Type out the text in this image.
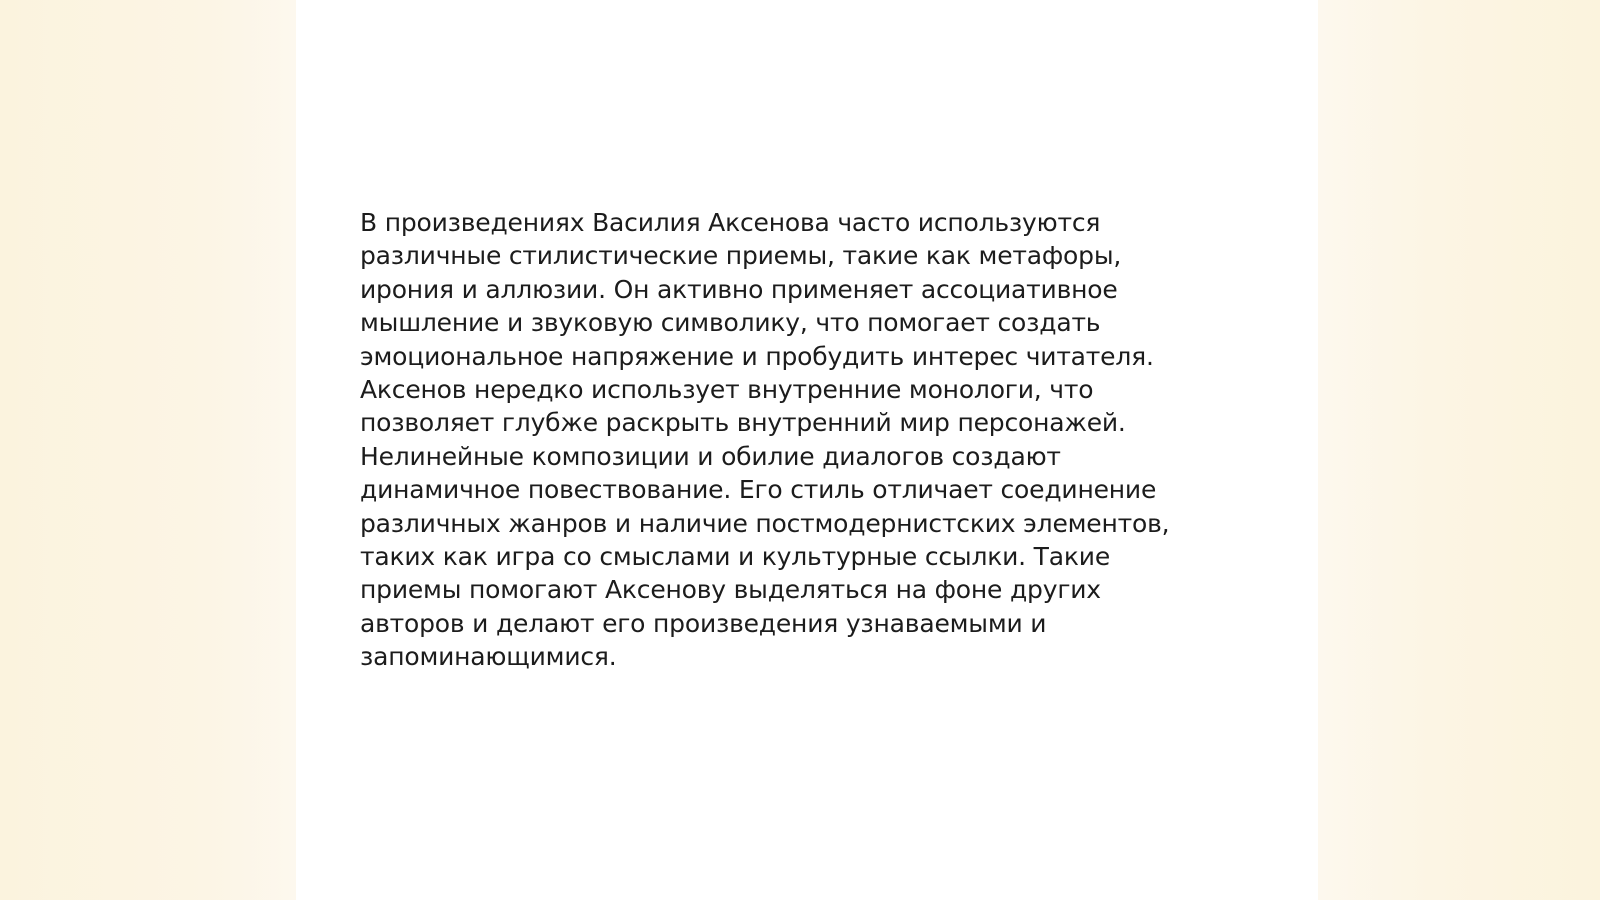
В произведениях Василия Аксенова часто используются
различные стилистические приемы, такие как метафоры,
ирония и аллюзии. Он активно применяет ассоциативное
мышление и звуковую символику, что помогает создать
эмоциональное напряжение и пробудить интерес читателя.
Аксенов нередко использует внутренние монологи, что
позволяет глубже раскрыть внутренний мир персонажей.
Нелинейные композиции и обилие диалогов создают
динамичное повествование. Его стиль отличает соединение
различных жанров и наличие постмодернистских элементов,
таких как игра со смыслами и культурные ссылки. Такие
приемы помогают Аксенову выделяться на фоне других
авторов и делают его произведения узнаваемыми и
запоминающимися.
